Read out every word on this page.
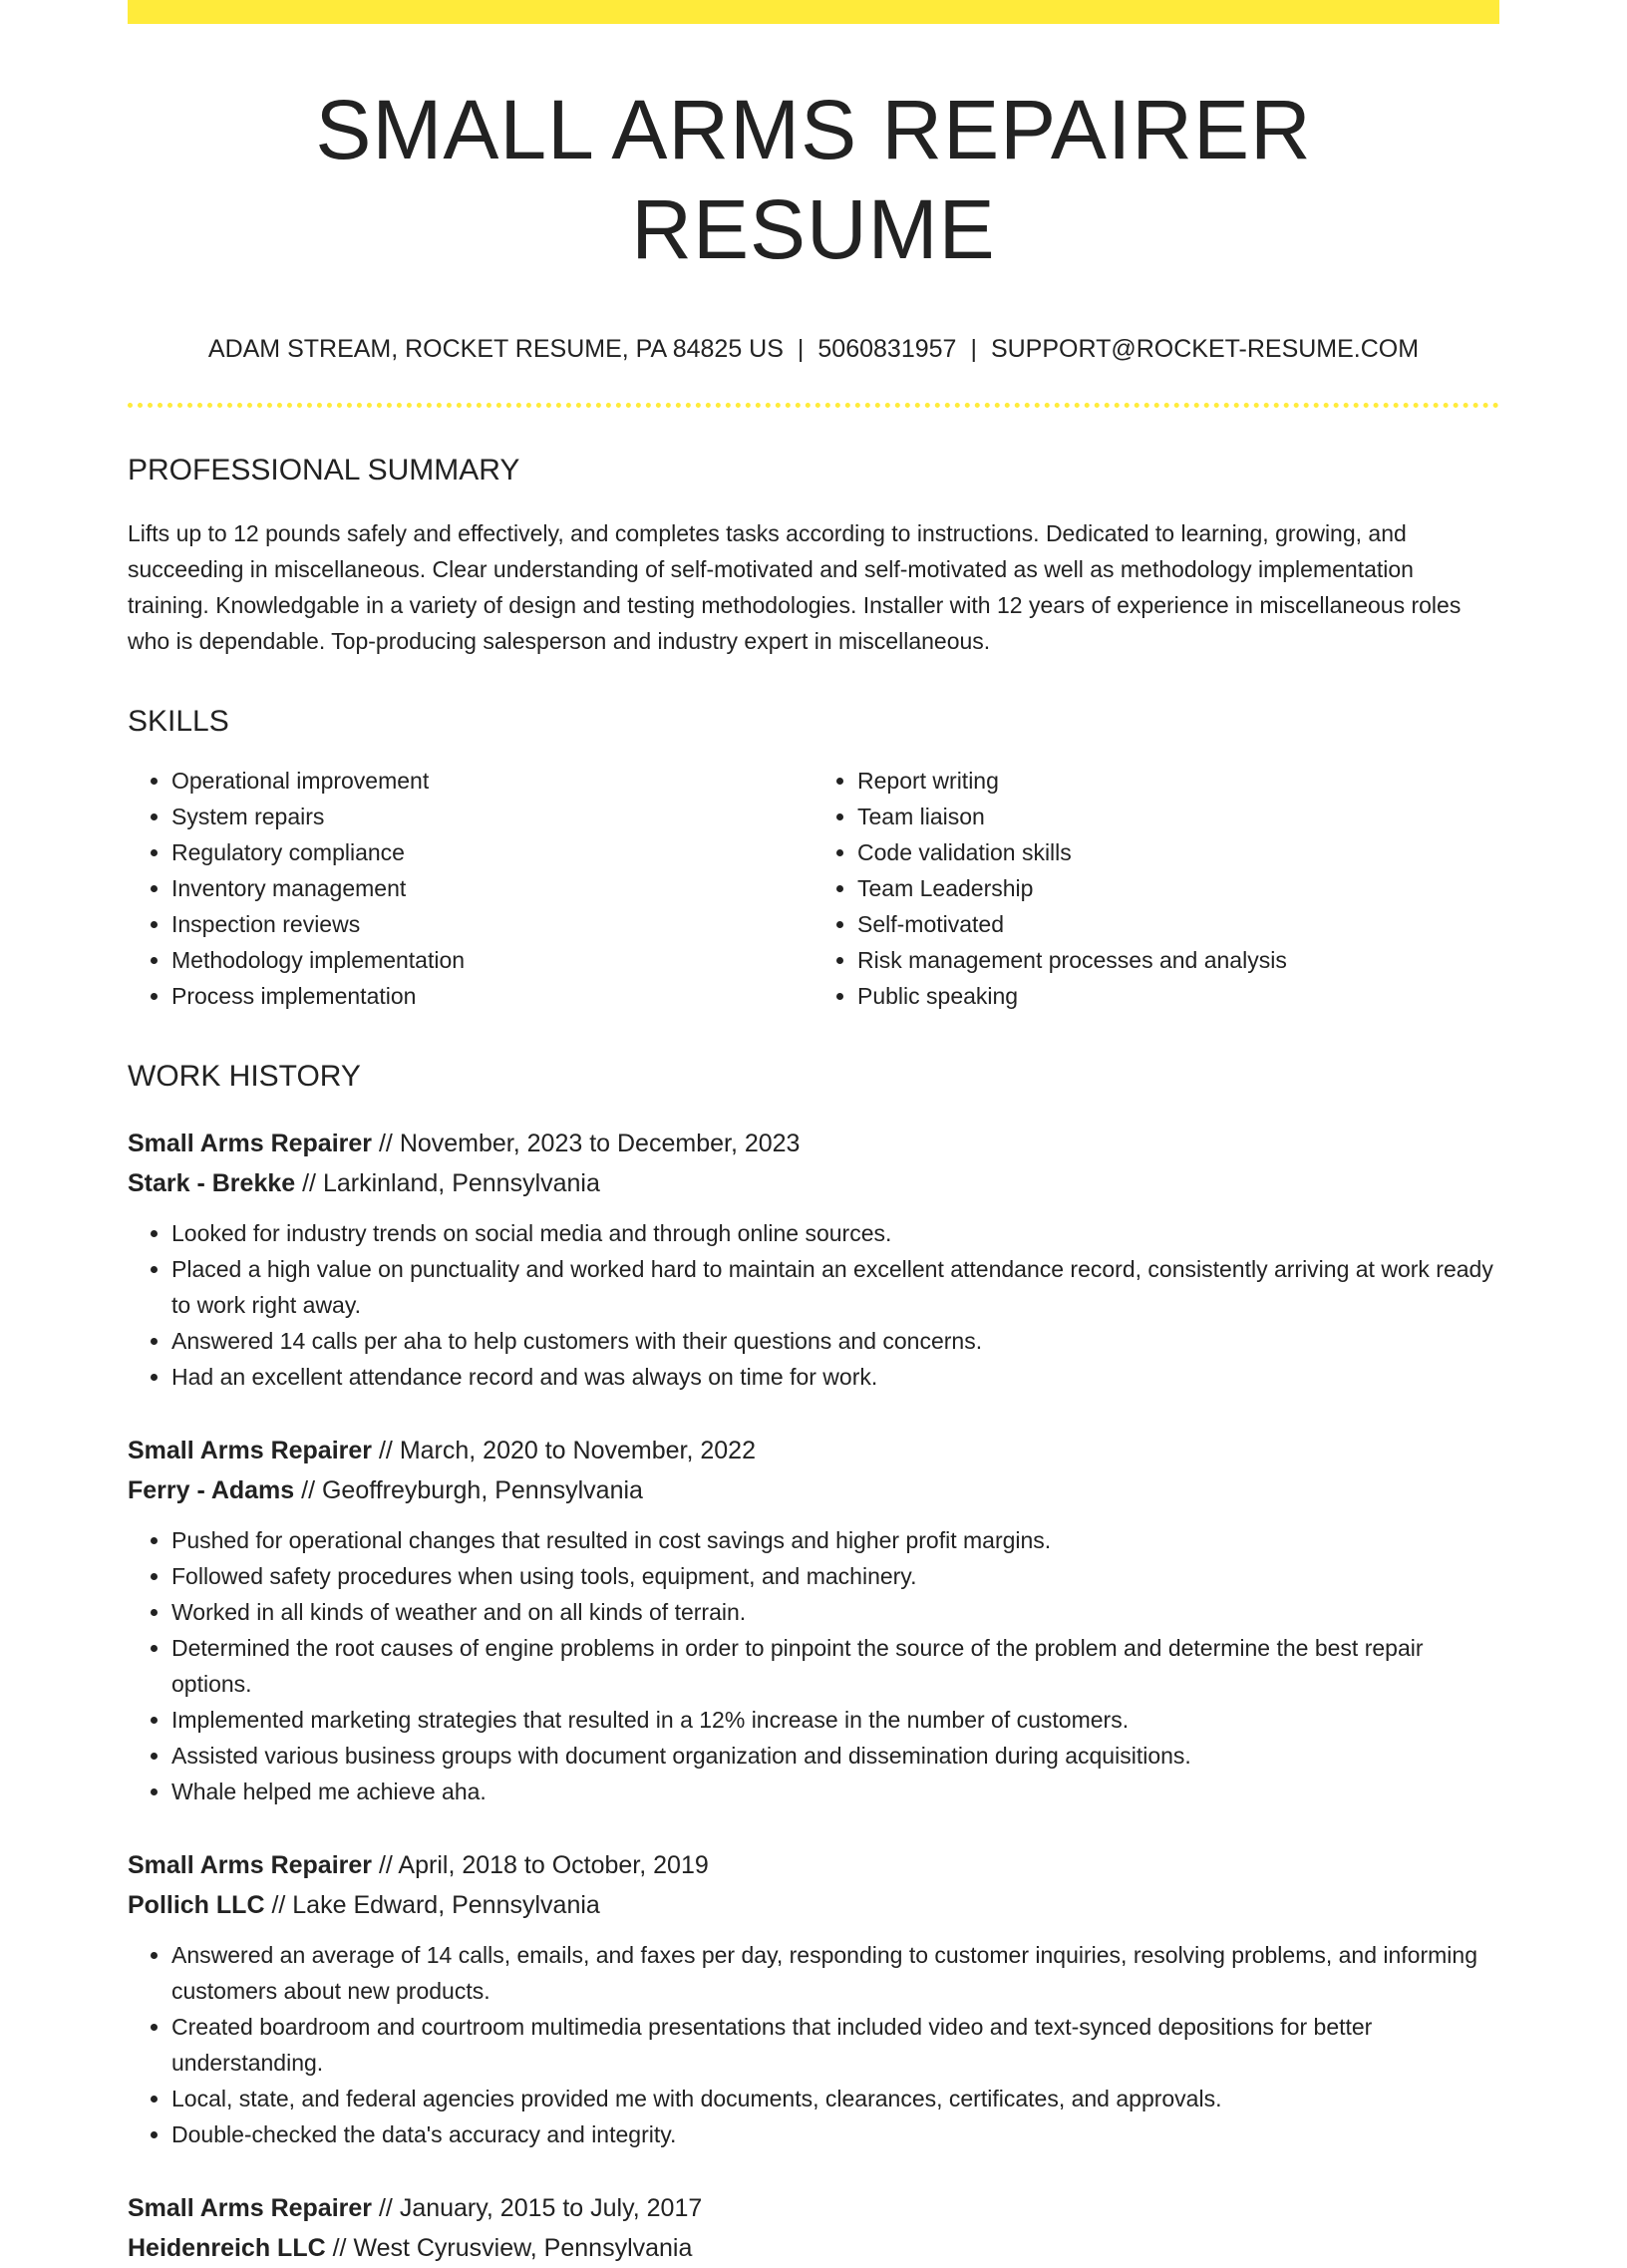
SMALL ARMS REPAIRER RESUME
ADAM STREAM, ROCKET RESUME, PA 84825 US | 5060831957 | SUPPORT@ROCKET-RESUME.COM
PROFESSIONAL SUMMARY

Lifts up to 12 pounds safely and effectively, and completes tasks according to instructions. Dedicated to learning, growing, and succeeding in miscellaneous. Clear understanding of self-motivated and self-motivated as well as methodology implementation training. Knowledgable in a variety of design and testing methodologies. Installer with 12 years of experience in miscellaneous roles who is dependable. Top-producing salesperson and industry expert in miscellaneous.

SKILLS
• Operational improvement
• System repairs
• Regulatory compliance
• Inventory management
• Inspection reviews
• Methodology implementation
• Process implementation
• Report writing
• Team liaison
• Code validation skills
• Team Leadership
• Self-motivated
• Risk management processes and analysis
• Public speaking
WORK HISTORY
Small Arms Repairer // November, 2023 to December, 2023
Stark - Brekke // Larkinland, Pennsylvania
• Looked for industry trends on social media and through online sources.
• Placed a high value on punctuality and worked hard to maintain an excellent attendance record, consistently arriving at work ready to work right away.
• Answered 14 calls per aha to help customers with their questions and concerns.
• Had an excellent attendance record and was always on time for work.
Small Arms Repairer // March, 2020 to November, 2022
Ferry - Adams // Geoffreyburgh, Pennsylvania
• Pushed for operational changes that resulted in cost savings and higher profit margins.
• Followed safety procedures when using tools, equipment, and machinery.
• Worked in all kinds of weather and on all kinds of terrain.
• Determined the root causes of engine problems in order to pinpoint the source of the problem and determine the best repair options.
• Implemented marketing strategies that resulted in a 12% increase in the number of customers.
• Assisted various business groups with document organization and dissemination during acquisitions.
• Whale helped me achieve aha.
Small Arms Repairer // April, 2018 to October, 2019
Pollich LLC // Lake Edward, Pennsylvania
• Answered an average of 14 calls, emails, and faxes per day, responding to customer inquiries, resolving problems, and informing customers about new products.
• Created boardroom and courtroom multimedia presentations that included video and text-synced depositions for better understanding.
• Local, state, and federal agencies provided me with documents, clearances, certificates, and approvals.
• Double-checked the data's accuracy and integrity.
Small Arms Repairer // January, 2015 to July, 2017
Heidenreich LLC // West Cyrusview, Pennsylvania
